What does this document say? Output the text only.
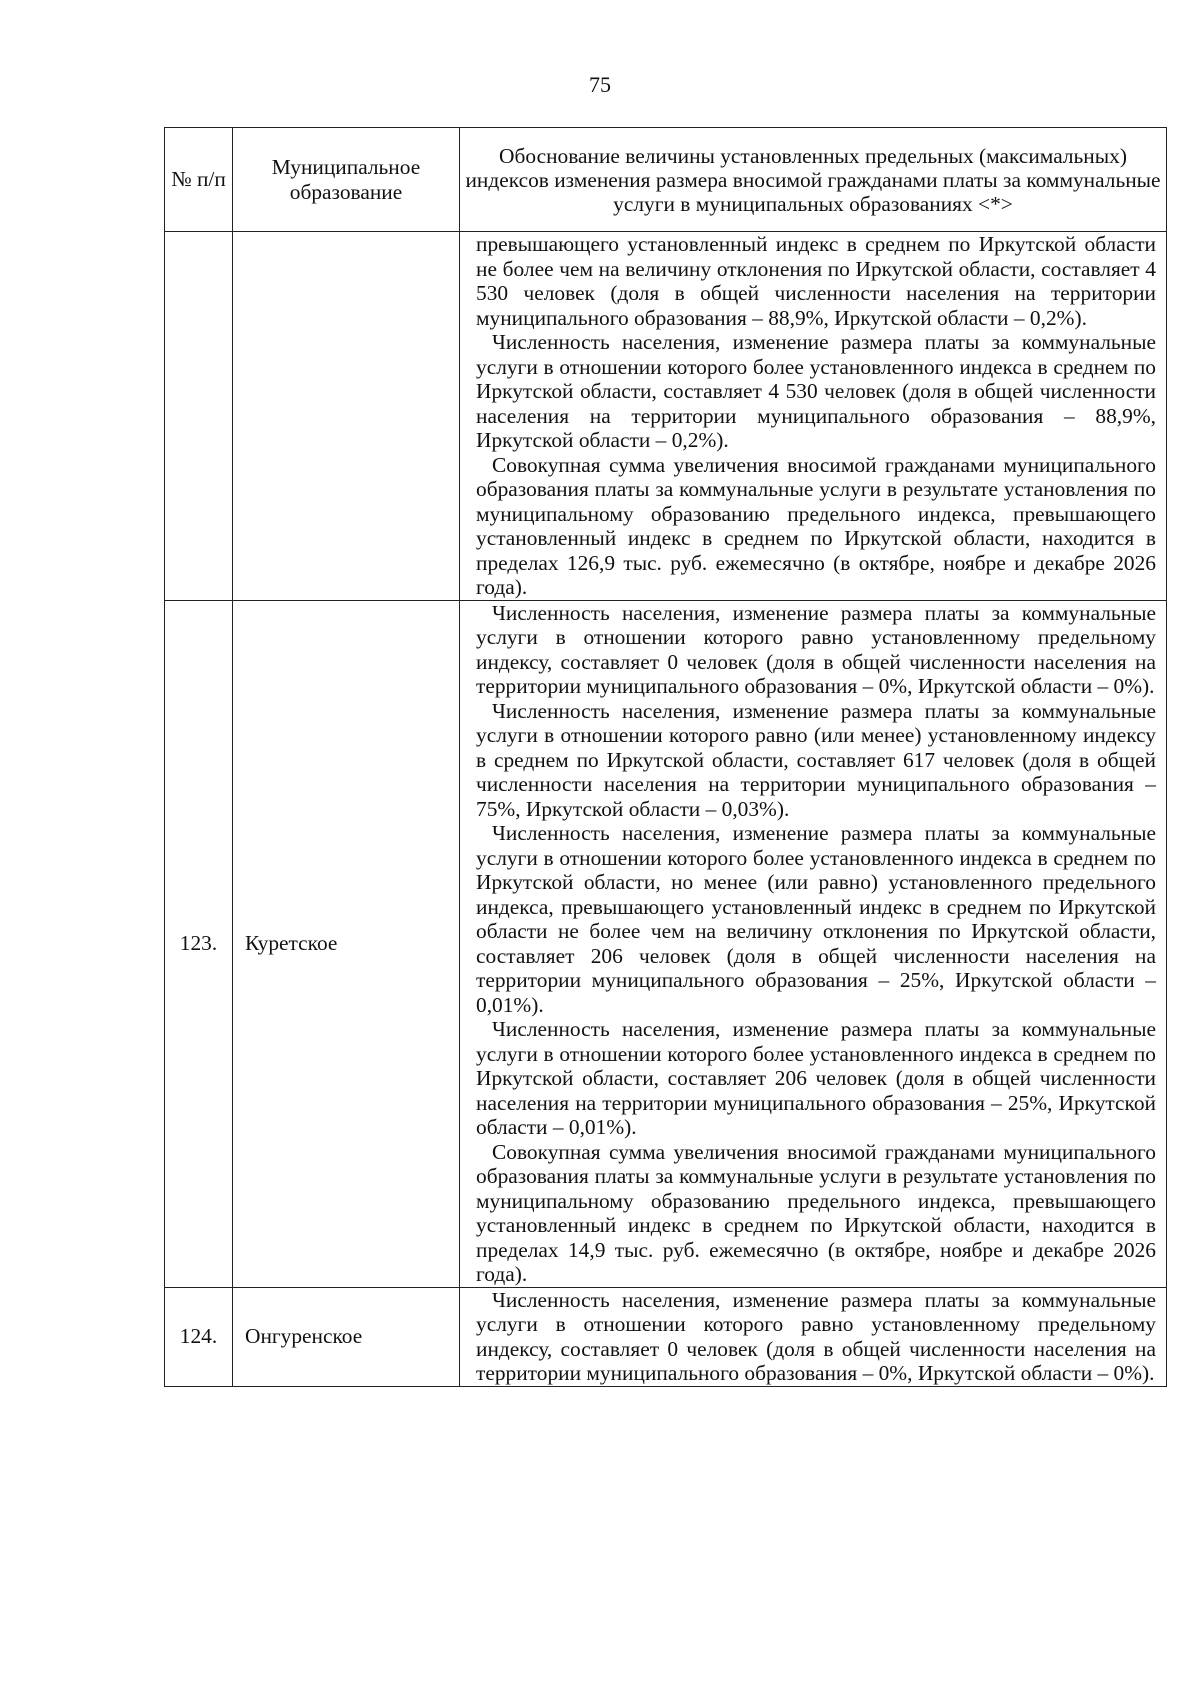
75
№ п/п	Муниципальное образование	Обоснование величины установленных предельных (максимальных) индексов изменения размера вносимой гражданами платы за коммунальные услуги в муниципальных образованиях <*>

		превышающего установленный индекс в среднем по Иркутской области не более чем на величину отклонения по Иркутской области, составляет 4 530 человек (доля в общей численности населения на территории муниципального образования – 88,9%, Иркутской области – 0,2%).

Численность населения, изменение размера платы за коммунальные услуги в отношении которого более установленного индекса в среднем по Иркутской области, составляет 4 530 человек (доля в общей численности населения на территории муниципального образования – 88,9%, Иркутской области – 0,2%).

Совокупная сумма увеличения вносимой гражданами муниципального образования платы за коммунальные услуги в результате установления по муниципальному образованию предельного индекса, превышающего установленный индекс в среднем по Иркутской области, находится в пределах 126,9 тыс. руб. ежемесячно (в октябре, ноябре и декабре 2026 года).

123.	Куретское	Численность населения, изменение размера платы за коммунальные услуги в отношении которого равно установленному предельному индексу, составляет 0 человек (доля в общей численности населения на территории муниципального образования – 0%, Иркутской области – 0%).

Численность населения, изменение размера платы за коммунальные услуги в отношении которого равно (или менее) установленному индексу в среднем по Иркутской области, составляет 617 человек (доля в общей численности населения на территории муниципального образования – 75%, Иркутской области – 0,03%).

Численность населения, изменение размера платы за коммунальные услуги в отношении которого более установленного индекса в среднем по Иркутской области, но менее (или равно) установленного предельного индекса, превышающего установленный индекс в среднем по Иркутской области не более чем на величину отклонения по Иркутской области, составляет 206 человек (доля в общей численности населения на территории муниципального образования – 25%, Иркутской области – 0,01%).

Численность населения, изменение размера платы за коммунальные услуги в отношении которого более установленного индекса в среднем по Иркутской области, составляет 206 человек (доля в общей численности населения на территории муниципального образования – 25%, Иркутской области – 0,01%).

Совокупная сумма увеличения вносимой гражданами муниципального образования платы за коммунальные услуги в результате установления по муниципальному образованию предельного индекса, превышающего установленный индекс в среднем по Иркутской области, находится в пределах 14,9 тыс. руб. ежемесячно (в октябре, ноябре и декабре 2026 года).

124.	Онгуренское	Численность населения, изменение размера платы за коммунальные услуги в отношении которого равно установленному предельному индексу, составляет 0 человек (доля в общей численности населения на территории муниципального образования – 0%, Иркутской области – 0%).
